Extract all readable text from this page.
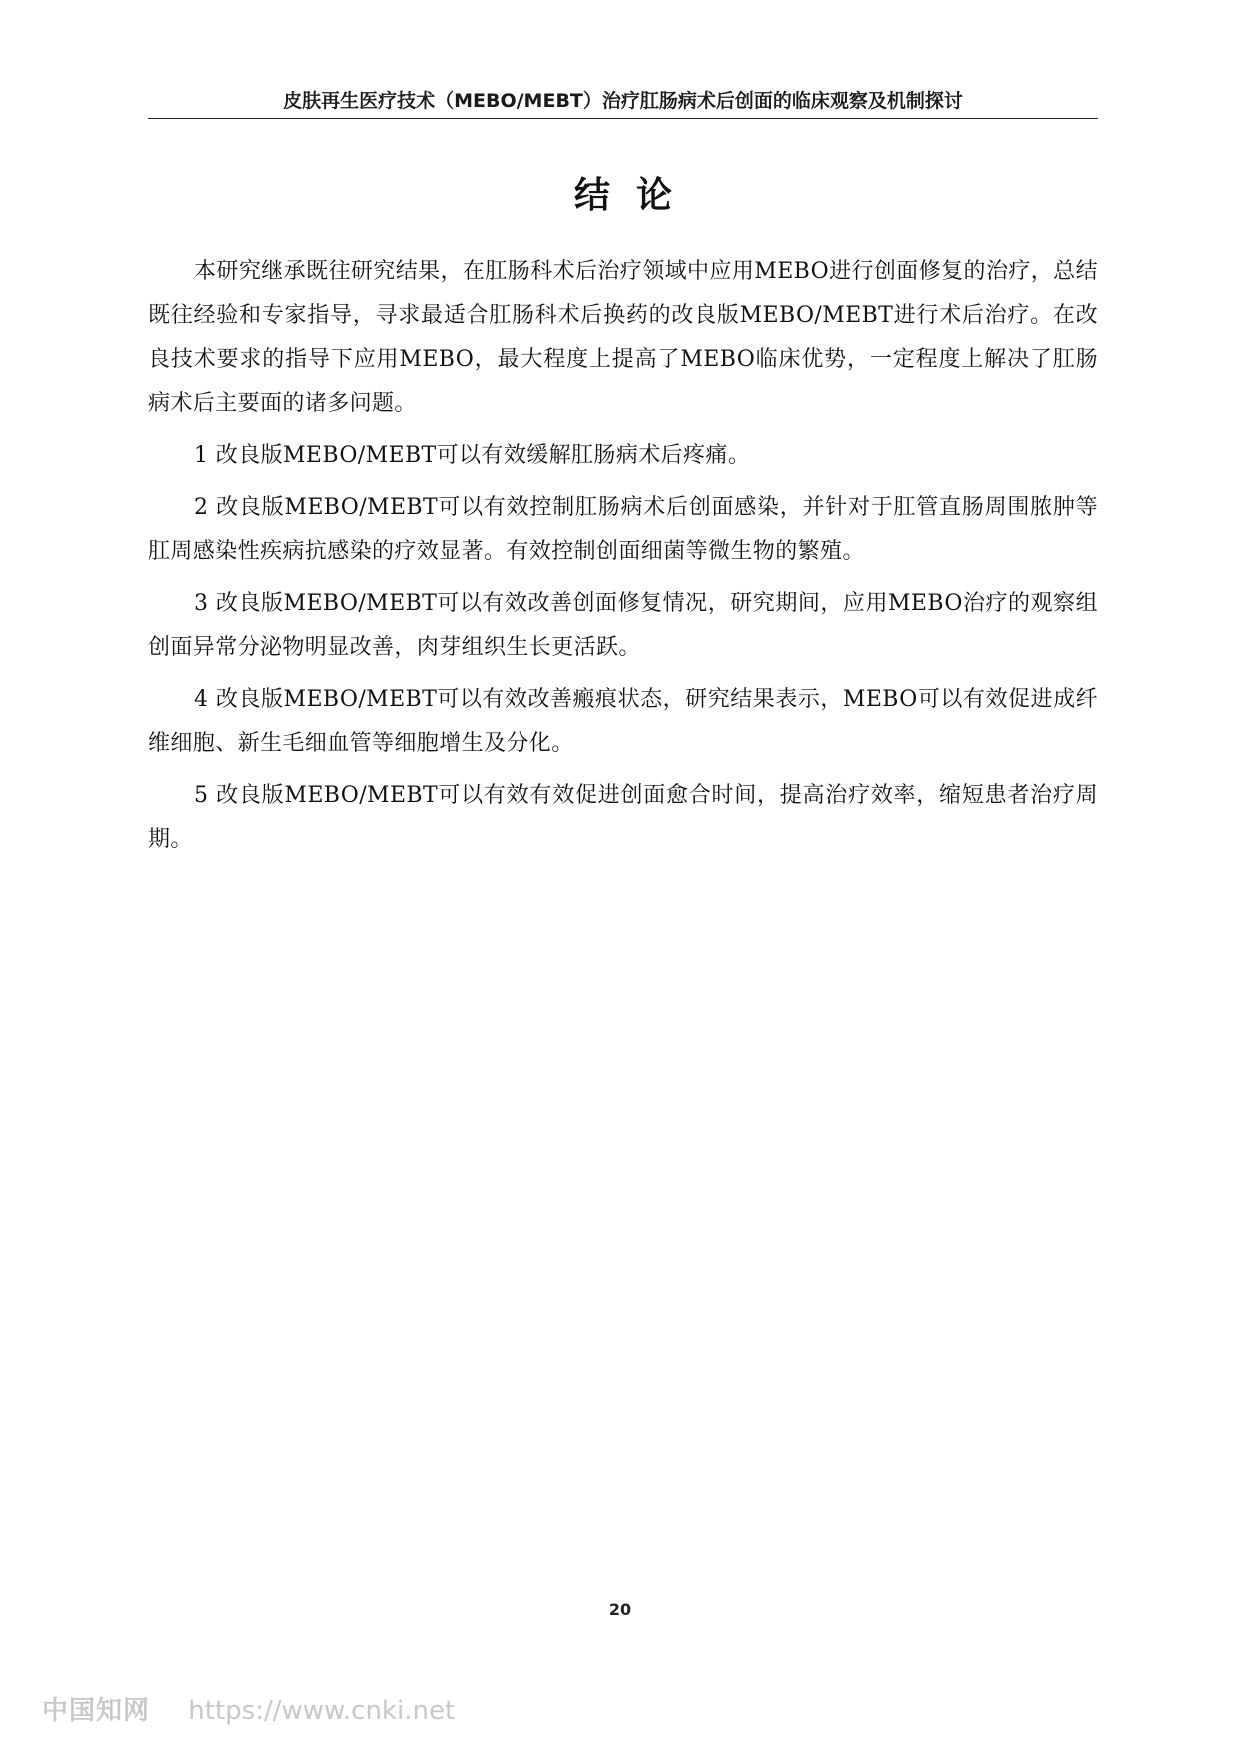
皮肤再生医疗技术（MEBO/MEBT）治疗肛肠病术后创面的临床观察及机制探讨
结论

本研究继承既往研究结果，在肛肠科术后治疗领域中应用MEBO进行创面修复的治疗，总结既往经验和专家指导，寻求最适合肛肠科术后换药的改良版MEBO/MEBT进行术后治疗。在改良技术要求的指导下应用MEBO，最大程度上提高了MEBO临床优势，一定程度上解决了肛肠病术后主要面的诸多问题。

1 改良版MEBO/MEBT可以有效缓解肛肠病术后疼痛。

2 改良版MEBO/MEBT可以有效控制肛肠病术后创面感染，并针对于肛管直肠周围脓肿等肛周感染性疾病抗感染的疗效显著。有效控制创面细菌等微生物的繁殖。

3 改良版MEBO/MEBT可以有效改善创面修复情况，研究期间，应用MEBO治疗的观察组创面异常分泌物明显改善，肉芽组织生长更活跃。

4 改良版MEBO/MEBT可以有效改善瘢痕状态，研究结果表示，MEBO可以有效促进成纤维细胞、新生毛细血管等细胞增生及分化。

5 改良版MEBO/MEBT可以有效有效促进创面愈合时间，提高治疗效率，缩短患者治疗周期。

20
中国知网 https://www.cnki.net
